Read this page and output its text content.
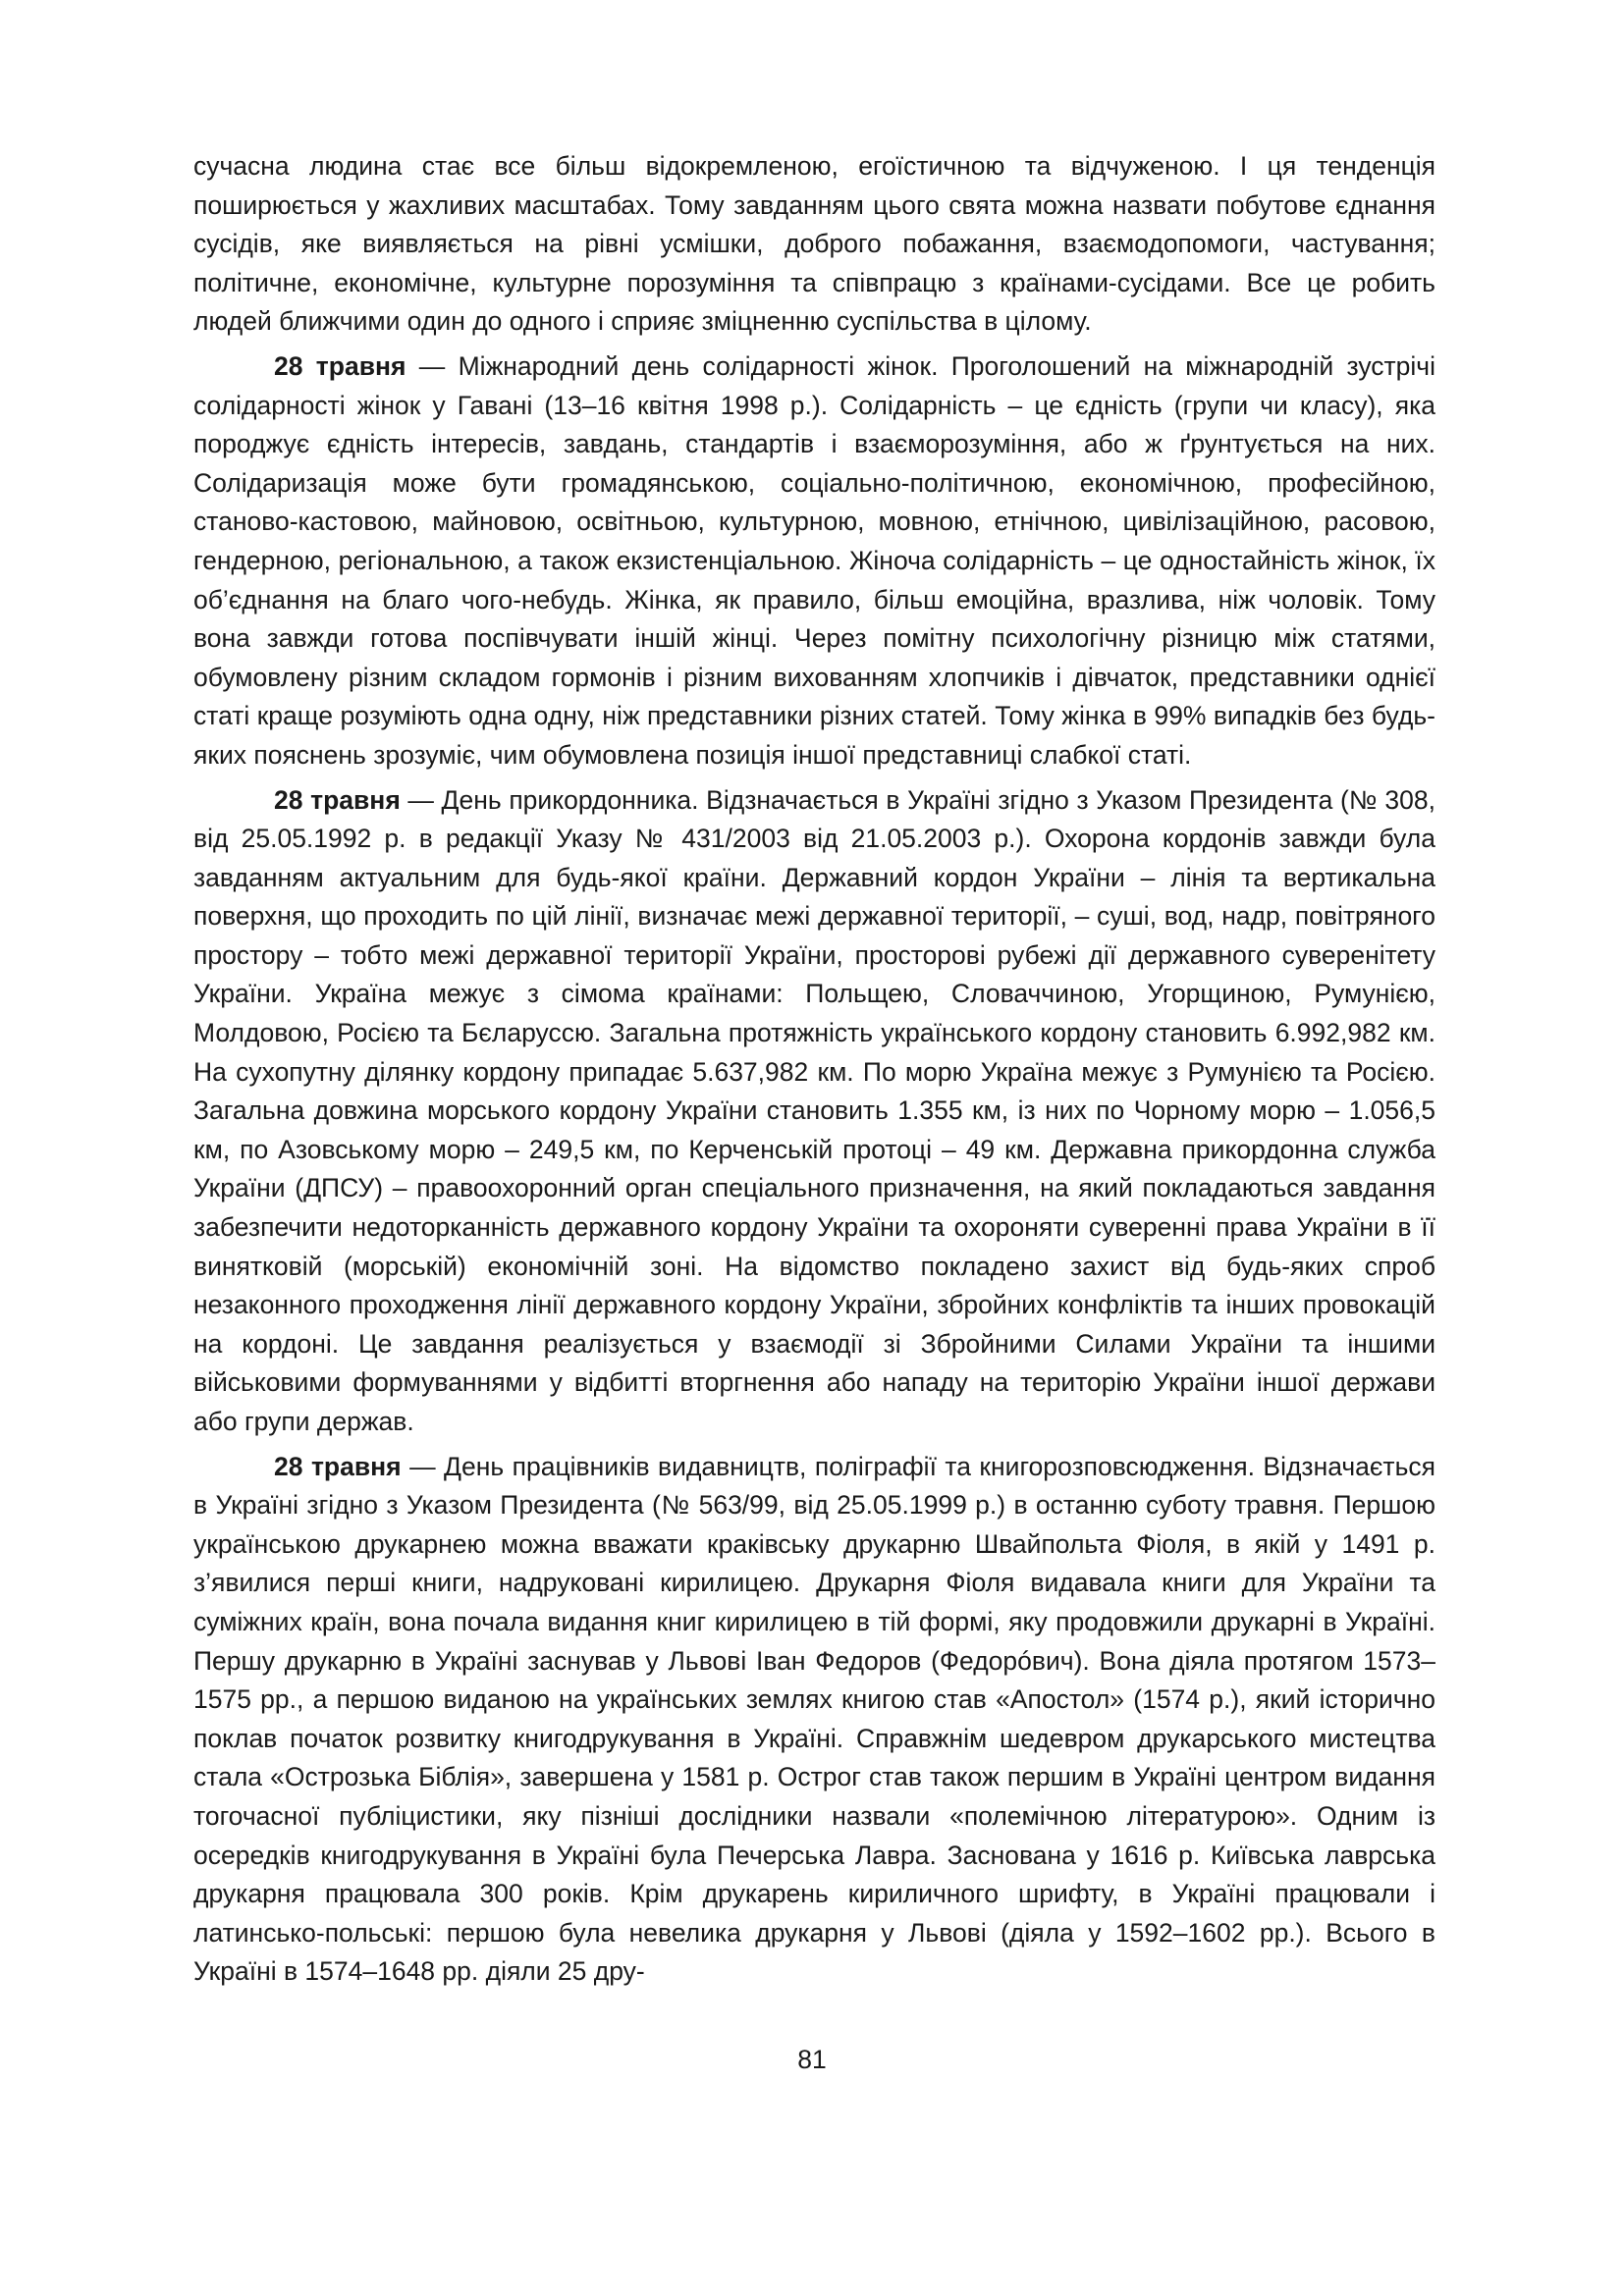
сучасна людина стає все більш відокремленою, егоїстичною та відчуженою. І ця тенденція поширюється у жахливих масштабах. Тому завданням цього свята можна назвати побутове єднання сусідів, яке виявляється на рівні усмішки, доброго побажання, взаємодопомоги, частування; політичне, економічне, культурне порозуміння та співпрацю з країнами-сусідами. Все це робить людей ближчими один до одного і сприяє зміцненню суспільства в цілому.

28 травня — Міжнародний день солідарності жінок. Проголошений на міжнародній зустрічі солідарності жінок у Гавані (13–16 квітня 1998 р.). Солідарність – це єдність (групи чи класу), яка породжує єдність інтересів, завдань, стандартів і взаєморозуміння, або ж ґрунтується на них. Солідаризація може бути громадянською, соціально-політичною, економічною, професійною, станово-кастовою, майновою, освітньою, культурною, мовною, етнічною, цивілізаційною, расовою, гендерною, регіональною, а також екзистенціальною. Жіноча солідарність – це одностайність жінок, їх об’єднання на благо чого-небудь. Жінка, як правило, більш емоційна, вразлива, ніж чоловік. Тому вона завжди готова поспівчувати іншій жінці. Через помітну психологічну різницю між статями, обумовлену різним складом гормонів і різним вихованням хлопчиків і дівчаток, представники однієї статі краще розуміють одна одну, ніж представники різних статей. Тому жінка в 99% випадків без будь-яких пояснень зрозуміє, чим обумовлена позиція іншої представниці слабкої статі.

28 травня — День прикордонника. Відзначається в Україні згідно з Указом Президента (№ 308, від 25.05.1992 р. в редакції Указу № 431/2003 від 21.05.2003 р.). Охорона кордонів завжди була завданням актуальним для будь-якої країни. Державний кордон України – лінія та вертикальна поверхня, що проходить по цій лінії, визначає межі державної території, – суші, вод, надр, повітряного простору – тобто межі державної території України, просторові рубежі дії державного суверенітету України. Україна межує з сімома країнами: Польщею, Словаччиною, Угорщиною, Румунією, Молдовою, Росією та Бєларуссю. Загальна протяжність українського кордону становить 6.992,982 км. На сухопутну ділянку кордону припадає 5.637,982 км. По морю Україна межує з Румунією та Росією. Загальна довжина морського кордону України становить 1.355 км, із них по Чорному морю – 1.056,5 км, по Азовському морю – 249,5 км, по Керченській протоці – 49 км. Державна прикордонна служба України (ДПСУ) – правоохоронний орган спеціального призначення, на який покладаються завдання забезпечити недоторканність державного кордону України та охороняти суверенні права України в її винятковій (морській) економічній зоні. На відомство покладено захист від будь-яких спроб незаконного проходження лінії державного кордону України, збройних конфліктів та інших провокацій на кордоні. Це завдання реалізується у взаємодії зі Збройними Силами України та іншими військовими формуваннями у відбитті вторгнення або нападу на територію України іншої держави або групи держав.

28 травня — День працівників видавництв, поліграфії та книгорозповсюдження. Відзначається в Україні згідно з Указом Президента (№ 563/99, від 25.05.1999 р.) в останню суботу травня. Першою українською друкарнею можна вважати краківську друкарню Швайпольта Фіоля, в якій у 1491 р. з’явилися перші книги, надруковані кирилицею. Друкарня Фіоля видавала книги для України та суміжних країн, вона почала видання книг кирилицею в тій формі, яку продовжили друкарні в Україні. Першу друкарню в Україні заснував у Львові Іван Федоров (Федорóвич). Вона діяла протягом 1573–1575 рр., а першою виданою на українських землях книгою став «Апостол» (1574 р.), який історично поклав початок розвитку книгодрукування в Україні. Справжнім шедевром друкарського мистецтва стала «Острозька Біблія», завершена у 1581 р. Острог став також першим в Україні центром видання тогочасної публіцистики, яку пізніші дослідники назвали «полемічною літературою». Одним із осередків книгодрукування в Україні була Печерська Лавра. Заснована у 1616 р. Київська лаврська друкарня працювала 300 років. Крім друкарень кириличного шрифту, в Україні працювали і латинсько-польські: першою була невелика друкарня у Львові (діяла у 1592–1602 рр.). Всього в Україні в 1574–1648 рр. діяли 25 дру-

81
